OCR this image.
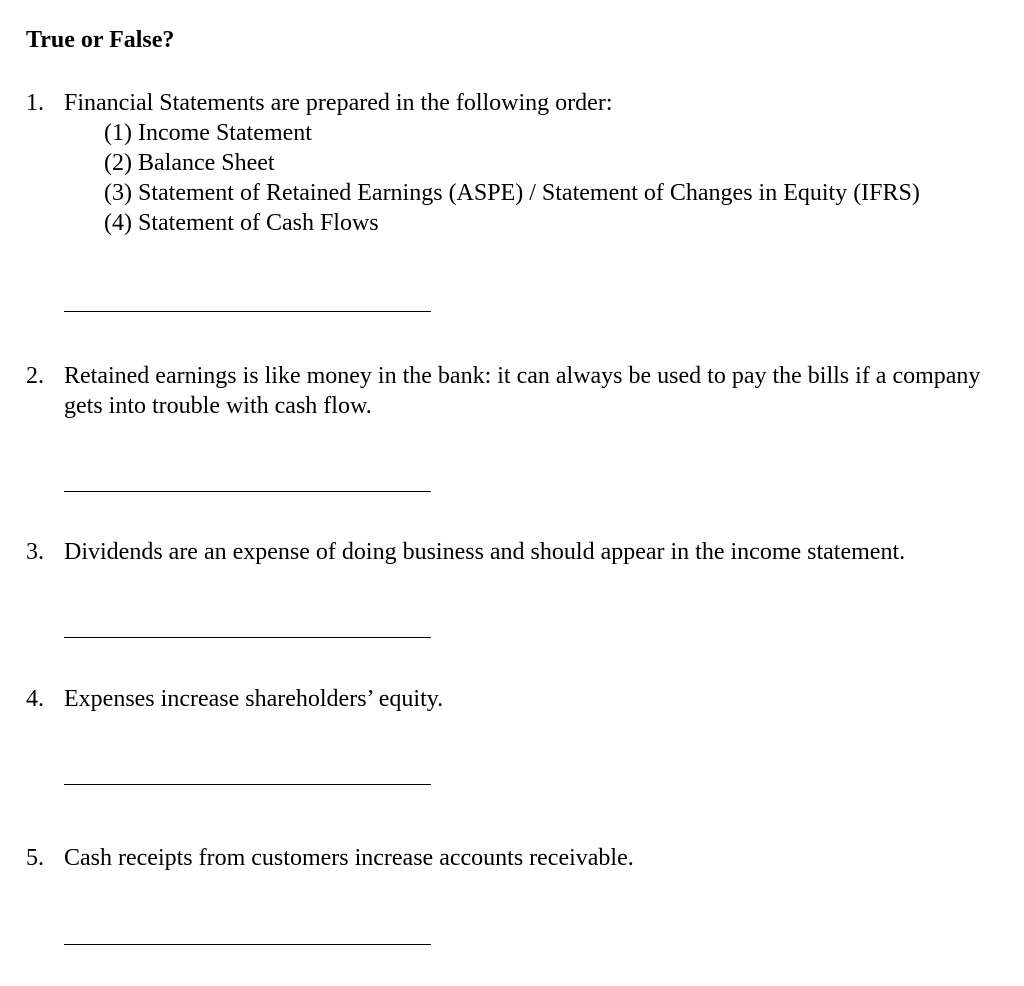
True or False?
1. Financial Statements are prepared in the following order:
(1) Income Statement
(2) Balance Sheet
(3) Statement of Retained Earnings (ASPE) / Statement of Changes in Equity (IFRS)
(4) Statement of Cash Flows
2. Retained earnings is like money in the bank: it can always be used to pay the bills if a company gets into trouble with cash flow.
3. Dividends are an expense of doing business and should appear in the income statement.
4. Expenses increase shareholders’ equity.
5. Cash receipts from customers increase accounts receivable.
